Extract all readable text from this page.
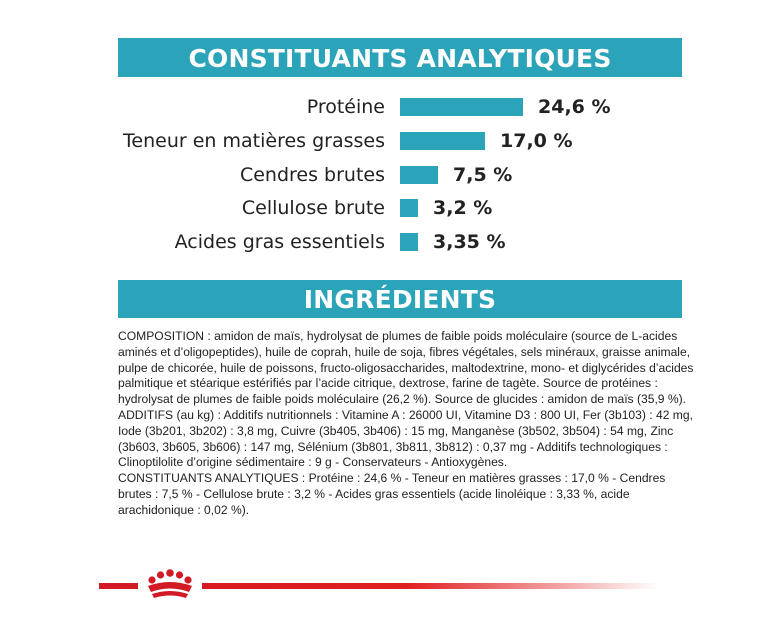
CONSTITUANTS ANALYTIQUES
Protéine	24,6 %
Teneur en matières grasses	17,0 %
Cendres brutes	7,5 %
Cellulose brute	3,2 %
Acides gras essentiels	3,35 %
INGRÉDIENTS

COMPOSITION : amidon de maïs, hydrolysat de plumes de faible poids moléculaire (source de L-acides aminés et d’oligopeptides), huile de coprah, huile de soja, fibres végétales, sels minéraux, graisse animale, pulpe de chicorée, huile de poissons, fructo-oligosaccharides, maltodextrine, mono- et diglycérides d’acides palmitique et stéarique estérifiés par l’acide citrique, dextrose, farine de tagète. Source de protéines : hydrolysat de plumes de faible poids moléculaire (26,2 %). Source de glucides : amidon de maïs (35,9 %).

ADDITIFS (au kg) : Additifs nutritionnels : Vitamine A : 26000 UI, Vitamine D3 : 800 UI, Fer (3b103) : 42 mg, Iode (3b201, 3b202) : 3,8 mg, Cuivre (3b405, 3b406) : 15 mg, Manganèse (3b502, 3b504) : 54 mg, Zinc (3b603, 3b605, 3b606) : 147 mg, Sélénium (3b801, 3b811, 3b812) : 0,37 mg - Additifs technologiques : Clinoptilolite d’origine sédimentaire : 9 g - Conservateurs - Antioxygènes.

CONSTITUANTS ANALYTIQUES : Protéine : 24,6 % - Teneur en matières grasses : 17,0 % - Cendres brutes : 7,5 % - Cellulose brute : 3,2 % - Acides gras essentiels (acide linoléique : 3,33 %, acide arachidonique : 0,02 %).
